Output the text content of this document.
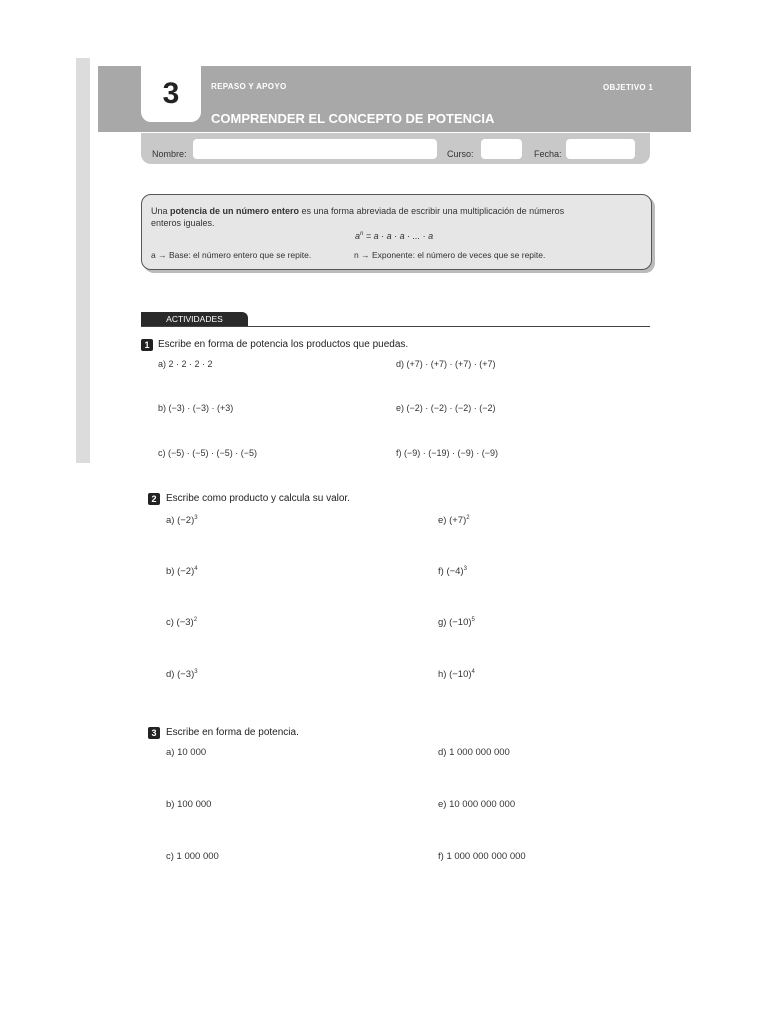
3	REPASO Y APOYO	OBJETIVO 1
COMPRENDER EL CONCEPTO DE POTENCIA
Nombre:	Curso:	Fecha:
Una potencia de un número entero es una forma abreviada de escribir una multiplicación de números enteros iguales.
$a^n = a \cdot a \cdot a$ · ... · a
a → Base: el número entero que se repite.	n → Exponente: el número de veces que se repite.
ACTIVIDADES
1 Escribe en forma de potencia los productos que puedas.
a) 2 · 2 · 2 · 2	d) (+7) · (+7) · (+7) · (+7)
b) (−3) · (−3) · (+3)	e) (−2) · (−2) · (−2) · (−2)
c) (−5) · (−5) · (−5) · (−5)	f) (−9) · (−19) · (−9) · (−9)
2 Escribe como producto y calcula su valor.
a) $(-2)^3$	e) $(+7)^2$
b) $(-2)^4$	f) $(-4)^3$
c) $(-3)^2$	g) $(-10)^5$
d) $(-3)^3$	h) $(-10)^4$
3 Escribe en forma de potencia.
a) 10 000	d) 1 000 000 000
b) 100 000	e) 10 000 000 000
c) 1 000 000	f) 1 000 000 000 000
